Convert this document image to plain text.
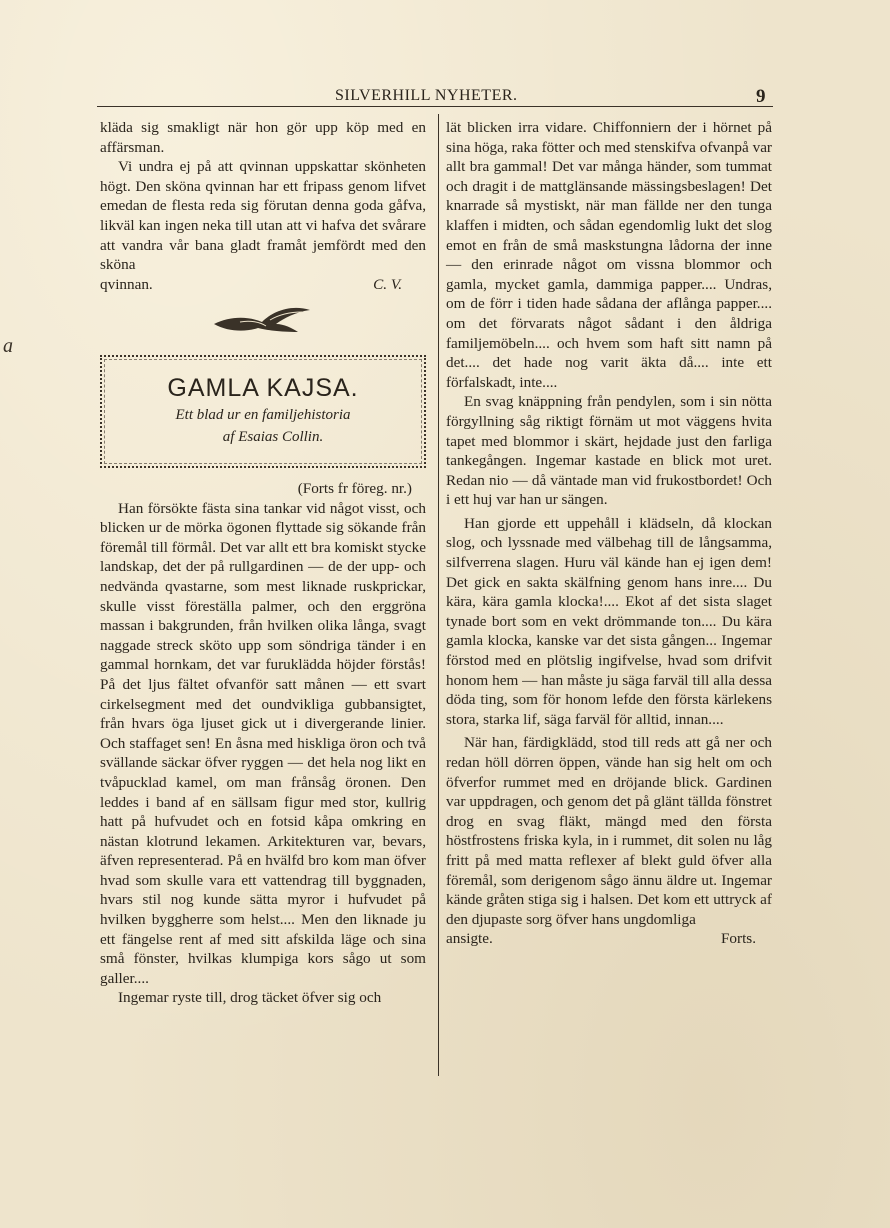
SILVERHILL NYHETER.	9
a

klädа sig smakligt när hon gör upp köp med en affärsman.

Vi undra ej på att qvinnan uppskattar skönheten högt. Den sköna qvinnan har ett fripass genom lifvet emedan de flesta reda sig förutan denna goda gåfva, likväl kan ingen neka till utan att vi hafva det svårare att vandra vår bana gladt framåt jemfördt med den sköna

qvinnan.	C. V.
GAMLA KAJSA.
Ett blad ur en familjehistoria
af Esaias Collin.

(Forts fr föreg. nr.)

Han försökte fästa sina tankar vid något visst, och blicken ur de mörka ögonen flyttade sig sökande från föremål till förmål. Det var allt ett bra komiskt stycke landskap, det der på rullgardinen — de der upp- och nedvända qvastarne, som mest liknade ruskprickar, skulle visst föreställa palmer, och den erggröna massan i bakgrunden, från hvilken olika långa, svagt naggade streck sköto upp som söndriga tänder i en gammal hornkam, det var furuklädda höjder förstås! På det ljus fältet ofvanför satt månen — ett svart cirkelsegment med det oundvikliga gubbansigtet, från hvars öga ljuset gick ut i divergerande linier. Och staffaget sen! En åsna med hiskliga öron och två svällande säckar öfver ryggen — det hela nog likt en tvåpucklad kamel, om man frånsåg öronen. Den leddes i band af en sällsam figur med stor, kullrig hatt på hufvudet och en fotsid kåpa omkring en nästan klotrund lekamen. Arkitekturen var, bevars, äfven representerad. På en hvälfd bro kom man öfver hvad som skulle vara ett vattendrag till byggnaden, hvars stil nog kunde sätta myror i hufvudet på hvilken byggherre som helst.... Men den liknade ju ett fängelse rent af med sitt afskilda läge och sina små fönster, hvilkas klumpiga kors sågo ut som galler....

Ingemar ryste till, drog täcket öfver sig och

lät blicken irra vidare. Chiffonniern der i hörnet på sina höga, raka fötter och med stenskifva ofvanpå var allt bra gammal! Det var många händer, som tummat och dragit i de mattglänsande mässingsbeslagen! Det knarrade så mystiskt, när man fällde ner den tunga klaffen i midten, och sådan egendomlig lukt det slog emot en från de små maskstungna lådorna der inne — den erinrade något om vissna blommor och gamla, mycket gamla, dammiga papper.... Undras, om de förr i tiden hade sådana der aflånga papper.... om det förvarats något sådant i den åldriga familjemöbeln.... och hvem som haft sitt namn på det.... det hade nog varit äkta då.... inte ett förfalskadt, inte....

En svag knäppning från pendylen, som i sin nötta förgyllning såg riktigt förnäm ut mot väggens hvita tapet med blommor i skärt, hejdade just den farliga tankegången. Ingemar kastade en blick mot uret. Redan nio — då väntade man vid frukostbordet! Och i ett huj var han ur sängen.

Han gjorde ett uppehåll i klädseln, då klockan slog, och lyssnade med välbehag till de långsamma, silfverrena slagen. Huru väl kände han ej igen dem! Det gick en sakta skälfning genom hans inre.... Du kära, kära gamla klocka!.... Ekot af det sista slaget tynade bort som en vekt drömmande ton.... Du kära gamla klocka, kanske var det sista gången... Ingemar förstod med en plötslig ingifvelse, hvad som drifvit honom hem — han måste ju säga farväl till alla dessa döda ting, som för honom lefde den första kärlekens stora, starka lif, säga farväl för alltid, innan....

När han, färdigklädd, stod till reds att gå ner och redan höll dörren öppen, vände han sig helt om och öfverfor rummet med en dröjande blick. Gardinen var uppdragen, och genom det på glänt tällda fönstret drog en svag fläkt, mängd med den första höstfrostens friska kyla, in i rummet, dit solen nu låg fritt på med matta reflexer af blekt guld öfver alla föremål, som derigenom sågo ännu äldre ut. Ingemar kände gråten stiga sig i halsen. Det kom ett uttryck af den djupaste sorg öfver hans ungdomliga

ansigte.	Forts.
